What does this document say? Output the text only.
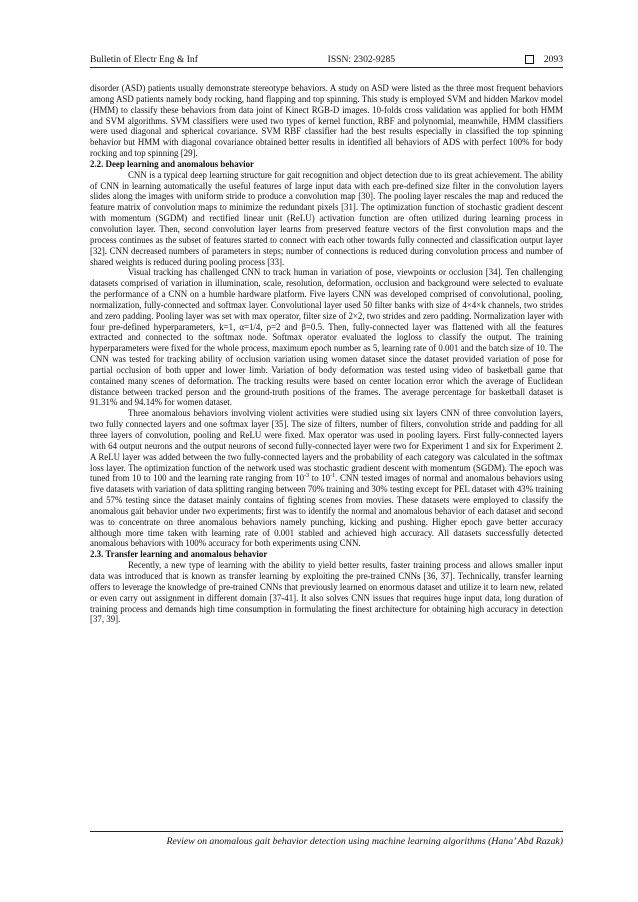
Bulletin of Electr Eng & Inf	ISSN: 2302-9285	2093

disorder (ASD) patients usually demonstrate stereotype behaviors. A study on ASD were listed as the three most frequent behaviors among ASD patients namely body rocking, hand flapping and top spinning. This study is employed SVM and hidden Markov model (HMM) to classify these behaviors from data joint of Kinect RGB-D images. 10-folds cross validation was applied for both HMM and SVM algorithms. SVM classifiers were used two types of kernel function, RBF and polynomial, meanwhile, HMM classifiers were used diagonal and spherical covariance. SVM RBF classifier had the best results especially in classified the top spinning behavior but HMM with diagonal covariance obtained better results in identified all behaviors of ADS with perfect 100% for body rocking and top spinning [29].

2.2. Deep learning and anomalous behavior

CNN is a typical deep learning structure for gait recognition and object detection due to its great achievement. The ability of CNN in learning automatically the useful features of large input data with each pre-defined size filter in the convolution layers slides along the images with uniform stride to produce a convolution map [30]. The pooling layer rescales the map and reduced the feature matrix of convolution maps to minimize the redundant pixels [31]. The optimization function of stochastic gradient descent with momentum (SGDM) and rectified linear unit (ReLU) activation function are often utilized during learning process in convolution layer. Then, second convolution layer learns from preserved feature vectors of the first convolution maps and the process continues as the subset of features started to connect with each other towards fully connected and classification output layer [32]. CNN decreased numbers of parameters in steps; number of connections is reduced during convolution process and number of shared weights is reduced during pooling process [33].

Visual tracking has challenged CNN to track human in variation of pose, viewpoints or occlusion [34]. Ten challenging datasets comprised of variation in illumination, scale, resolution, deformation, occlusion and background were selected to evaluate the performance of a CNN on a humble hardware platform. Five layers CNN was developed comprised of convolutional, pooling, normalization, fully-connected and softmax layer. Convolutional layer used 50 filter banks with size of 4×4×k channels, two strides and zero padding. Pooling layer was set with max operator, filter size of 2×2, two strides and zero padding. Normalization layer with four pre-defined hyperparameters, k=1, α=1/4, ρ=2 and β=0.5. Then, fully-connected layer was flattened with all the features extracted and connected to the softmax node. Softmax operator evaluated the logloss to classify the output. The training hyperparameters were fixed for the whole process, maximum epoch number as 5, learning rate of 0.001 and the batch size of 10. The CNN was tested for tracking ability of occlusion variation using women dataset since the dataset provided variation of pose for partial occlusion of both upper and lower limb. Variation of body deformation was tested using video of basketball game that contained many scenes of deformation. The tracking results were based on center location error which the average of Euclidean distance between tracked person and the ground-truth positions of the frames. The average percentage for basketball dataset is 91.31% and 94.14% for women dataset.

Three anomalous behaviors involving violent activities were studied using six layers CNN of three convolution layers, two fully connected layers and one softmax layer [35]. The size of filters, number of filters, convolution stride and padding for all three layers of convolution, pooling and ReLU were fixed. Max operator was used in pooling layers. First fully-connected layers with 64 output neurons and the output neurons of second fully-connected layer were two for Experiment 1 and six for Experiment 2. A ReLU layer was added between the two fully-connected layers and the probability of each category was calculated in the softmax loss layer. The optimization function of the network used was stochastic gradient descent with momentum (SGDM). The epoch was tuned from 10 to 100 and the learning rate ranging from $10^{-3}$ to $10^{-1}$. CNN tested images of normal and anomalous behaviors using five datasets with variation of data splitting ranging between 70% training and 30% testing except for PEL dataset with 43% training and 57% testing since the dataset mainly contains of fighting scenes from movies. These datasets were employed to classify the anomalous gait behavior under two experiments; first was to identify the normal and anomalous behavior of each dataset and second was to concentrate on three anomalous behaviors namely punching, kicking and pushing. Higher epoch gave better accuracy although more time taken with learning rate of 0.001 stabled and achieved high accuracy. All datasets successfully detected anomalous behaviors with 100% accuracy for both experiments using CNN.

2.3. Transfer learning and anomalous behavior

Recently, a new type of learning with the ability to yield better results, faster training process and allows smaller input data was introduced that is known as transfer learning by exploiting the pre-trained CNNs [36, 37]. Technically, transfer learning offers to leverage the knowledge of pre-trained CNNs that previously learned on enormous dataset and utilize it to learn new, related or even carry out assignment in different domain [37-41]. It also solves CNN issues that requires huge input data, long duration of training process and demands high time consumption in formulating the finest architecture for obtaining high accuracy in detection [37, 39].

Review on anomalous gait behavior detection using machine learning algorithms (Hana’ Abd Razak)
